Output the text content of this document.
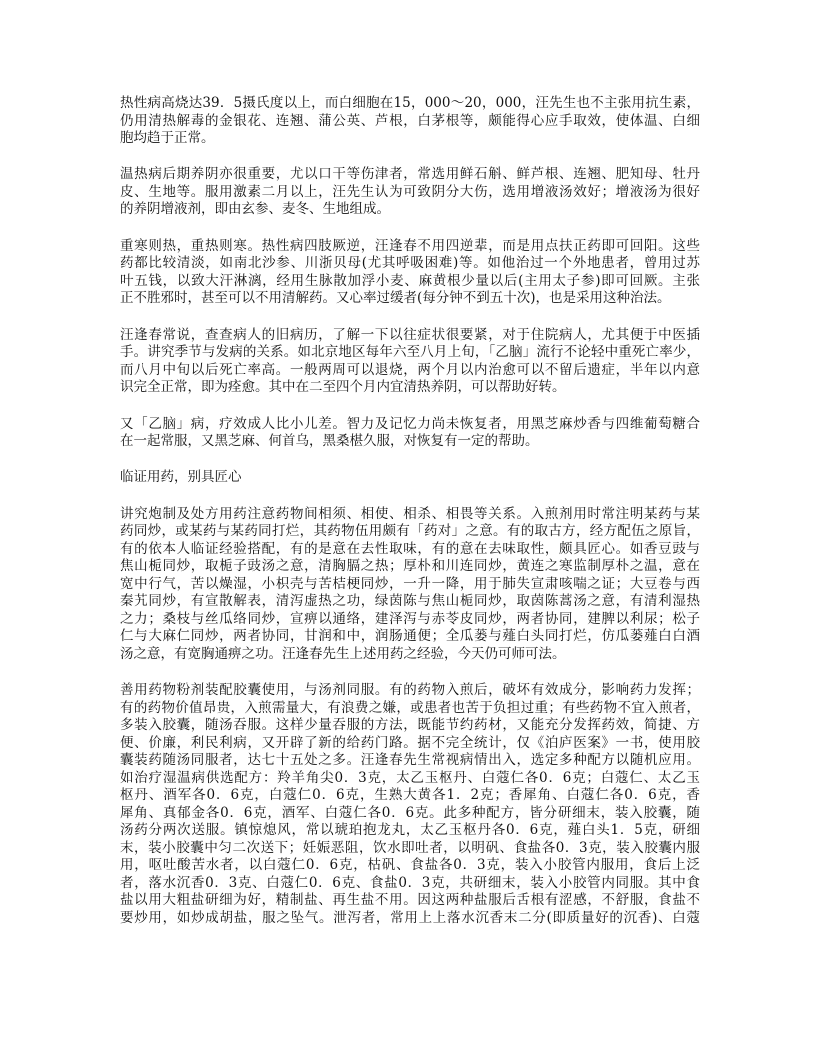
热性病高烧达39．5摄氏度以上，而白细胞在15，000～20，000，汪先生也不主张用抗生素，
仍用清热解毒的金银花、连翘、蒲公英、芦根，白茅根等，颇能得心应手取效，使体温、白细
胞均趋于正常。
温热病后期养阴亦很重要，尤以口干等伤津者，常选用鲜石斛、鲜芦根、连翘、肥知母、牡丹
皮、生地等。服用激素二月以上，汪先生认为可致阴分大伤，选用增液汤效好；增液汤为很好
的养阴增液剂，即由玄参、麦冬、生地组成。
重寒则热，重热则寒。热性病四肢厥逆，汪逢春不用四逆辈，而是用点扶正药即可回阳。这些
药都比较清淡，如南北沙参、川浙贝母(尤其呼吸困难)等。如他治过一个外地患者，曾用过苏
叶五钱，以致大汗淋漓，经用生脉散加浮小麦、麻黄根少量以后(主用太子参)即可回厥。主张
正不胜邪时，甚至可以不用清解药。又心率过缓者(每分钟不到五十次)，也是采用这种治法。
汪逢春常说，查查病人的旧病历，了解一下以往症状很要紧，对于住院病人，尤其便于中医插
手。讲究季节与发病的关系。如北京地区每年六至八月上旬，「乙脑」流行不论轻中重死亡率少，
而八月中旬以后死亡率高。一般两周可以退烧，两个月以内治愈可以不留后遗症，半年以内意
识完全正常，即为痊愈。其中在二至四个月内宜清热养阴，可以帮助好转。
又「乙脑」病，疗效成人比小儿差。智力及记忆力尚未恢复者，用黑芝麻炒香与四维葡萄糖合
在一起常服，又黑芝麻、何首乌，黑桑椹久服，对恢复有一定的帮助。
临证用药，别具匠心
讲究炮制及处方用药注意药物间相须、相使、相杀、相畏等关系。入煎剂用时常注明某药与某
药同炒，或某药与某药同打烂，其药物伍用颇有「药对」之意。有的取古方，经方配伍之原旨，
有的依本人临证经验搭配，有的是意在去性取味，有的意在去味取性，颇具匠心。如香豆豉与
焦山栀同炒，取栀子豉汤之意，清胸膈之热；厚朴和川连同炒，黄连之寒监制厚朴之温，意在
宽中行气，苦以燥湿，小枳壳与苦桔梗同炒，一升一降，用于肺失宣肃咳喘之证；大豆卷与西
秦艽同炒，有宣散解表，清泻虚热之功，绿茵陈与焦山栀同炒，取茵陈蒿汤之意，有清利湿热
之力；桑枝与丝瓜络同炒，宣痹以通络，建泽泻与赤苓皮同炒，两者协同，建脾以利尿；松子
仁与大麻仁同炒，两者协同，甘润和中，润肠通便；全瓜蒌与薤白头同打烂，仿瓜蒌薤白白酒
汤之意，有宽胸通痹之功。汪逢春先生上述用药之经验，今天仍可师可法。
善用药物粉剂装配胶囊使用，与汤剂同服。有的药物入煎后，破坏有效成分，影响药力发挥；
有的药物价值昂贵，入煎需量大，有浪费之嫌，或患者也苦于负担过重；有些药物不宜入煎者，
多装入胶囊，随汤吞服。这样少量吞服的方法，既能节约药材，又能充分发挥药效，简捷、方
便、价廉，利民利病，又开辟了新的给药门路。据不完全统计，仅《泊庐医案》一书，使用胶
囊装药随汤同服者，达七十五处之多。汪逢春先生常视病情出入，选定多种配方以随机应用。
如治疗湿温病供选配方：羚羊角尖0．3克，太乙玉枢丹、白蔻仁各0．6克；白蔻仁、太乙玉
枢丹、酒军各0．6克，白蔻仁0．6克，生熟大黄各1．2克；香犀角、白蔻仁各0．6克，香
犀角、真郁金各0．6克，酒军、白蔻仁各0．6克。此多种配方，皆分研细末，装入胶囊，随
汤药分两次送服。镇惊熄风，常以琥珀抱龙丸，太乙玉枢丹各0．6克，薤白头1．5克，研细
末，装小胶囊中匀二次送下；妊娠恶阻，饮水即吐者，以明矾、食盐各0．3克，装入胶囊内服
用，呕吐酸苦水者，以白蔻仁0．6克，枯矾、食盐各0．3克，装入小胶管内服用，食后上泛
者，落水沉香0．3克、白蔻仁0．6克、食盐0．3克，共研细末，装入小胶管内同服。其中食
盐以用大粗盐研细为好，精制盐、再生盐不用。因这两种盐服后舌根有涩感，不舒服，食盐不
要炒用，如炒成胡盐，服之坠气。泄泻者，常用上上落水沉香末二分(即质量好的沉香)、白蔻
